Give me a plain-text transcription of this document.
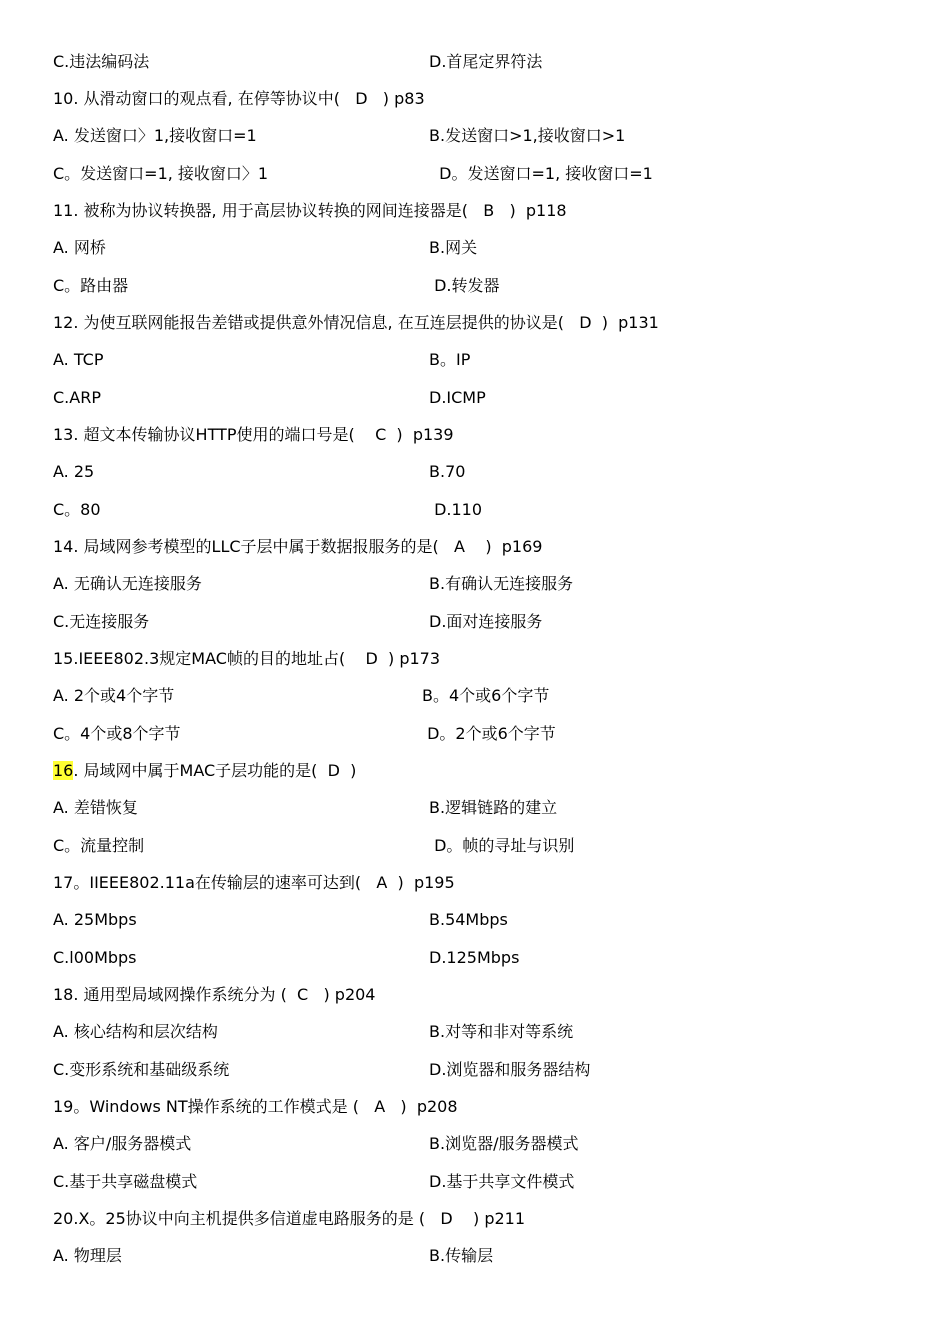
C.违法编码法	D.首尾定界符法
10. 从滑动窗口的观点看, 在停等协议中(   D   ) p83
A. 发送窗口〉1,接收窗口=1	B.发送窗口>1,接收窗口>1
C。发送窗口=1, 接收窗口〉1	D。发送窗口=1, 接收窗口=1
11. 被称为协议转换器, 用于高层协议转换的网间连接器是(   B   )  p118
A. 网桥	B.网关
C。路由器	D.转发器
12. 为使互联网能报告差错或提供意外情况信息, 在互连层提供的协议是(   D  )  p131
A. TCP	B。IP
C.ARP	D.ICMP
13. 超文本传输协议HTTP使用的端口号是(    C  )  p139
A. 25	B.70
C。80	D.110
14. 局域网参考模型的LLC子层中属于数据报服务的是(   A    )  p169
A. 无确认无连接服务	B.有确认无连接服务
C.无连接服务	D.面对连接服务
15.IEEE802.3规定MAC帧的目的地址占(    D  ) p173
A. 2个或4个字节	B。4个或6个字节
C。4个或8个字节	D。2个或6个字节
16. 局域网中属于MAC子层功能的是(  D  )
A. 差错恢复	B.逻辑链路的建立
C。流量控制	D。帧的寻址与识别
17。IIEEE802.11a在传输层的速率可达到(   A  )  p195
A. 25Mbps	B.54Mbps
C.l00Mbps	D.125Mbps
18. 通用型局域网操作系统分为 (  C   ) p204
A. 核心结构和层次结构	B.对等和非对等系统
C.变形系统和基础级系统	D.浏览器和服务器结构
19。Windows NT操作系统的工作模式是 (   A   )  p208
A. 客户/服务器模式	B.浏览器/服务器模式
C.基于共享磁盘模式	D.基于共享文件模式
20.X。25协议中向主机提供多信道虚电路服务的是 (   D    ) p211
A. 物理层	B.传输层
